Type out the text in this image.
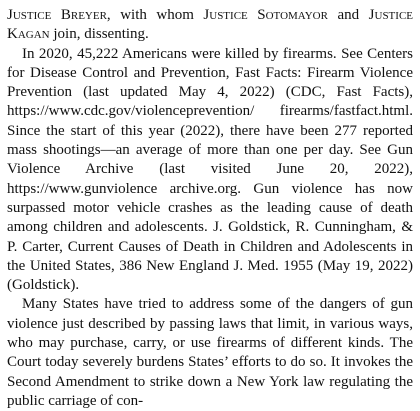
Justice Breyer, with whom Justice Sotomayor and Justice Kagan join, dissenting.

In 2020, 45,222 Americans were killed by firearms. See Centers for Disease Control and Prevention, Fast Facts: Firearm Violence Prevention (last updated May 4, 2022) (CDC, Fast Facts), https://www.cdc.gov/violenceprevention/ firearms/fastfact.html. Since the start of this year (2022), there have been 277 reported mass shootings—an average of more than one per day. See Gun Violence Archive (last visited June 20, 2022), https://www.gunviolence archive.org. Gun violence has now surpassed motor vehicle crashes as the leading cause of death among children and adolescents. J. Goldstick, R. Cunningham, & P. Carter, Current Causes of Death in Children and Adolescents in the United States, 386 New England J. Med. 1955 (May 19, 2022) (Goldstick).

Many States have tried to address some of the dangers of gun violence just described by passing laws that limit, in various ways, who may purchase, carry, or use firearms of different kinds. The Court today severely burdens States’ efforts to do so. It invokes the Second Amendment to strike down a New York law regulating the public carriage of con-
